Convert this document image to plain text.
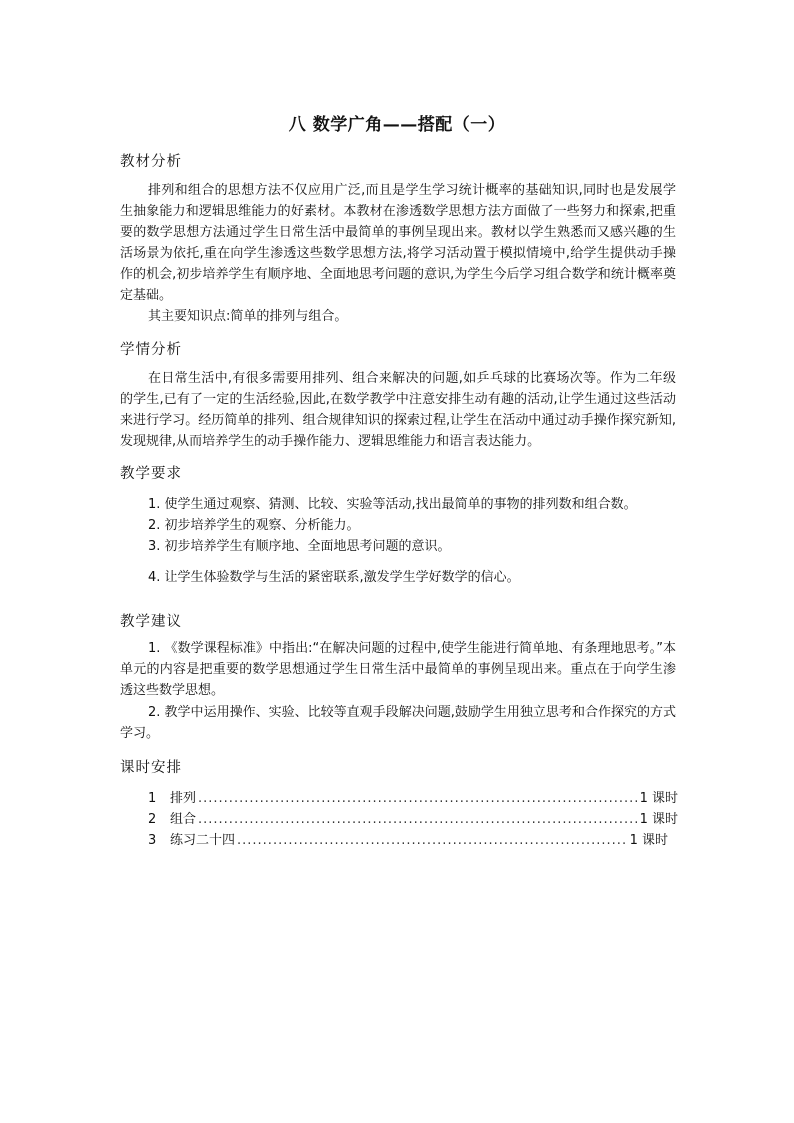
八 数学广角——搭配（一）
教材分析
排列和组合的思想方法不仅应用广泛,而且是学生学习统计概率的基础知识,同时也是发展学生抽象能力和逻辑思维能力的好素材。本教材在渗透数学思想方法方面做了一些努力和探索,把重要的数学思想方法通过学生日常生活中最简单的事例呈现出来。教材以学生熟悉而又感兴趣的生活场景为依托,重在向学生渗透这些数学思想方法,将学习活动置于模拟情境中,给学生提供动手操作的机会,初步培养学生有顺序地、全面地思考问题的意识,为学生今后学习组合数学和统计概率奠定基础。
其主要知识点:简单的排列与组合。
学情分析
在日常生活中,有很多需要用排列、组合来解决的问题,如乒乓球的比赛场次等。作为二年级的学生,已有了一定的生活经验,因此,在数学教学中注意安排生动有趣的活动,让学生通过这些活动来进行学习。经历简单的排列、组合规律知识的探索过程,让学生在活动中通过动手操作探究新知,发现规律,从而培养学生的动手操作能力、逻辑思维能力和语言表达能力。
教学要求
1. 使学生通过观察、猜测、比较、实验等活动,找出最简单的事物的排列数和组合数。
2. 初步培养学生的观察、分析能力。
3. 初步培养学生有顺序地、全面地思考问题的意识。
4. 让学生体验数学与生活的紧密联系,激发学生学好数学的信心。
教学建议
1. 《数学课程标准》中指出:“在解决问题的过程中,使学生能进行简单地、有条理地思考。”本单元的内容是把重要的数学思想通过学生日常生活中最简单的事例呈现出来。重点在于向学生渗透这些数学思想。
2. 教学中运用操作、实验、比较等直观手段解决问题,鼓励学生用独立思考和合作探究的方式学习。
课时安排
1	排列 .....	1 课时
2	组合 .....	1 课时
3	练习二十四 .....	1 课时
